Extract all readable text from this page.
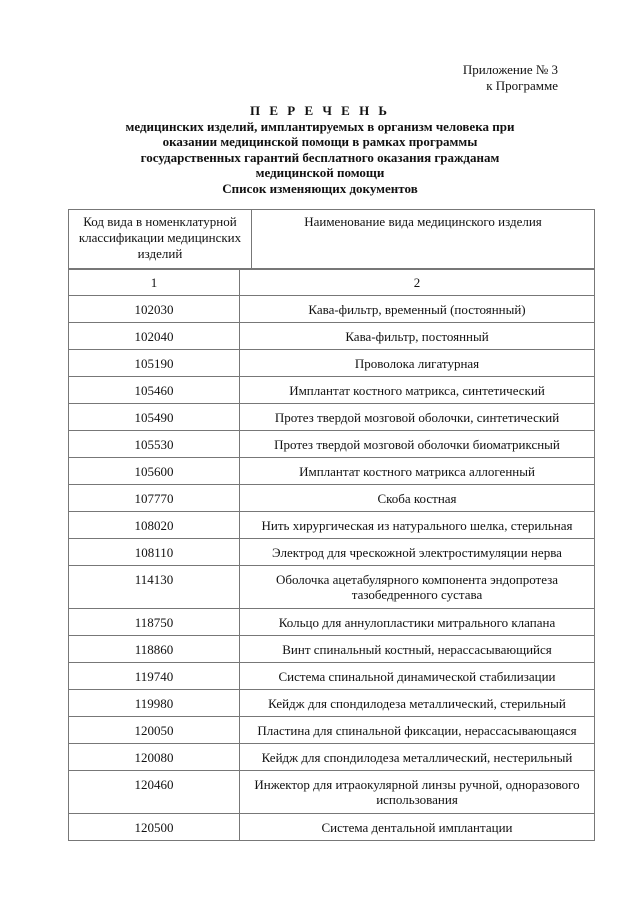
Приложение № 3
к Программе
П Е Р Е Ч Е Н Ь
медицинских изделий, имплантируемых в организм человека при
оказании медицинской помощи в рамках программы
государственных гарантий бесплатного оказания гражданам
медицинской помощи
Список изменяющих документов
Код вида в номенклатурной классификации медицинских изделий	Наименование вида медицинского изделия
1	2
102030	Кава-фильтр, временный (постоянный)
102040	Кава-фильтр, постоянный
105190	Проволока лигатурная
105460	Имплантат костного матрикса, синтетический
105490	Протез твердой мозговой оболочки, синтетический
105530	Протез твердой мозговой оболочки биоматриксный
105600	Имплантат костного матрикса аллогенный
107770	Скоба костная
108020	Нить хирургическая из натурального шелка, стерильная
108110	Электрод для чрескожной электростимуляции нерва
114130	Оболочка ацетабулярного компонента эндопротеза тазобедренного сустава
118750	Кольцо для аннулопластики митрального клапана
118860	Винт спинальный костный, нерассасывающийся
119740	Система спинальной динамической стабилизации
119980	Кейдж для спондилодеза металлический, стерильный
120050	Пластина для спинальной фиксации, нерассасывающаяся
120080	Кейдж для спондилодеза металлический, нестерильный
120460	Инжектор для итраокулярной линзы ручной, одноразового использования
120500	Система дентальной имплантации
